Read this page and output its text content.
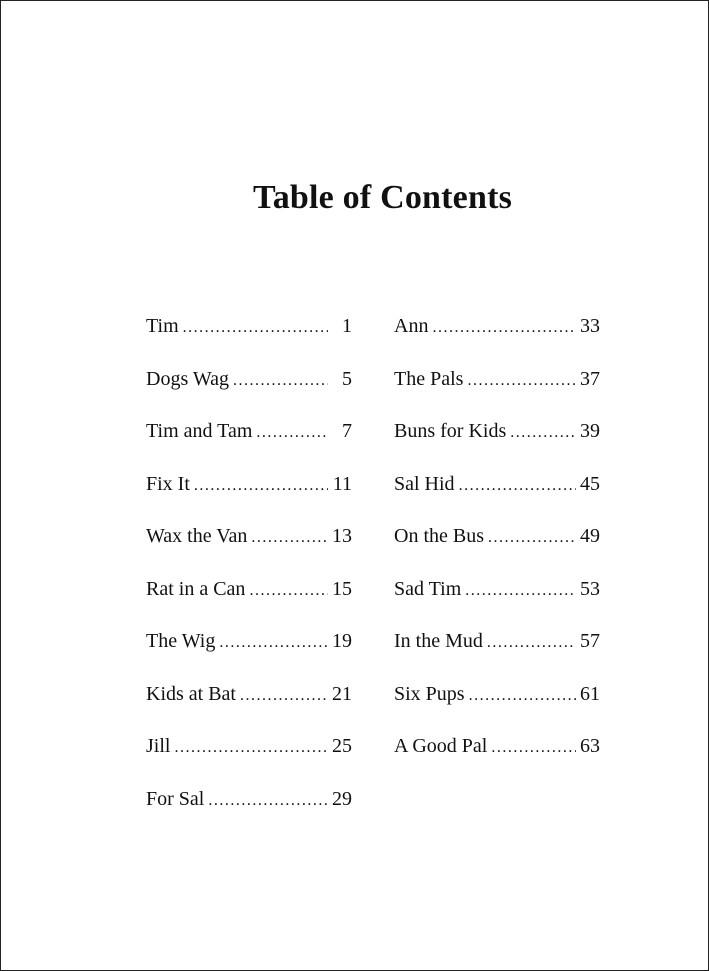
Table of Contents
Tim .....	1
Dogs Wag .....	5
Tim and Tam .....	7
Fix It .....	11
Wax the Van .....	13
Rat in a Can .....	15
The Wig .....	19
Kids at Bat .....	21
Jill .....	25
For Sal .....	29
Ann .....	33
The Pals .....	37
Buns for Kids .....	39
Sal Hid .....	45
On the Bus .....	49
Sad Tim .....	53
In the Mud .....	57
Six Pups .....	61
A Good Pal .....	63
